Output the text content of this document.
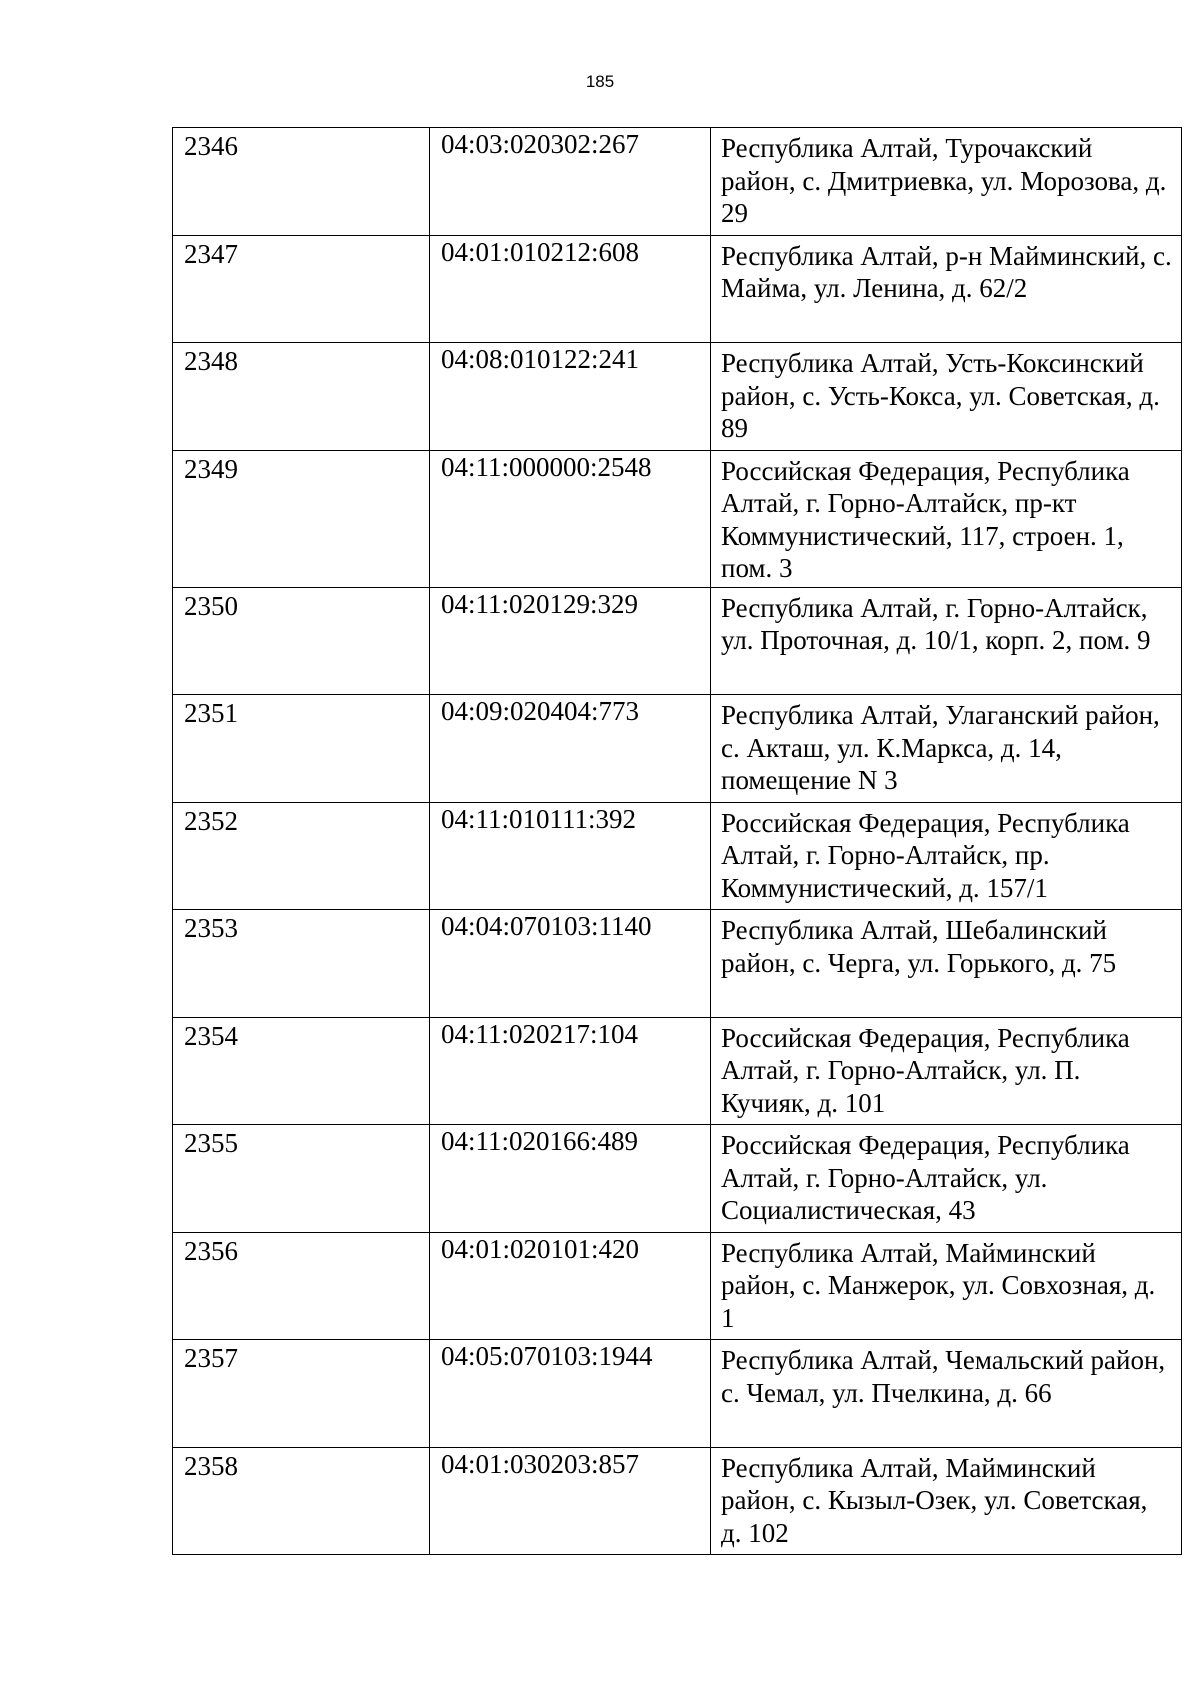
185
2346	04:03:020302:267	Республика Алтай, Турочакский район, с. Дмитриевка, ул. Морозова, д. 29

2347	04:01:010212:608	Республика Алтай, р-н Майминский, с. Майма, ул. Ленина, д. 62/2

2348	04:08:010122:241	Республика Алтай, Усть-Коксинский район, с. Усть-Кокса, ул. Советская, д. 89

2349	04:11:000000:2548	Российская Федерация, Республика Алтай, г. Горно-Алтайск, пр-кт Коммунистический, 117, строен. 1, пом. 3

2350	04:11:020129:329	Республика Алтай, г. Горно-Алтайск, ул. Проточная, д. 10/1, корп. 2, пом. 9

2351	04:09:020404:773	Республика Алтай, Улаганский район, с. Акташ, ул. К.Маркса, д. 14, помещение N 3

2352	04:11:010111:392	Российская Федерация, Республика Алтай, г. Горно-Алтайск, пр. Коммунистический, д. 157/1

2353	04:04:070103:1140	Республика Алтай, Шебалинский район, с. Черга, ул. Горького, д. 75

2354	04:11:020217:104	Российская Федерация, Республика Алтай, г. Горно-Алтайск, ул. П. Кучияк, д. 101

2355	04:11:020166:489	Российская Федерация, Республика Алтай, г. Горно-Алтайск, ул. Социалистическая, 43

2356	04:01:020101:420	Республика Алтай, Майминский район, с. Манжерок, ул. Совхозная, д. 1

2357	04:05:070103:1944	Республика Алтай, Чемальский район, с. Чемал, ул. Пчелкина, д. 66

2358	04:01:030203:857	Республика Алтай, Майминский район, с. Кызыл-Озек, ул. Советская, д. 102
